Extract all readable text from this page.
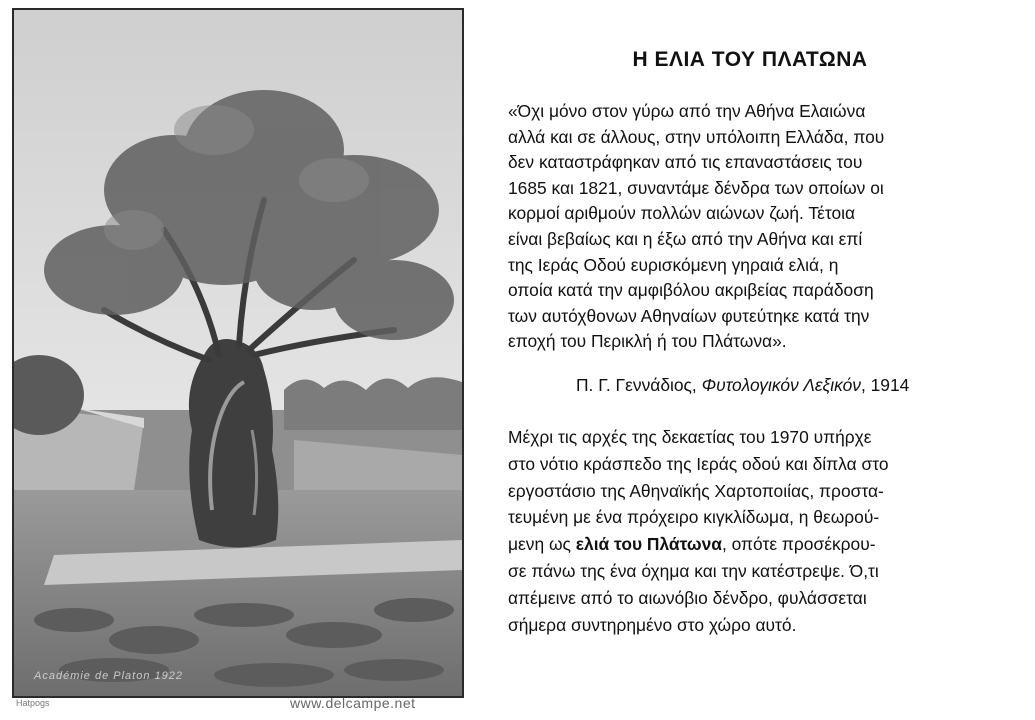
Académie de Platon 1922
Hatpogs	www.delcampe.net
Η ΕΛΙΑ ΤΟΥ ΠΛΑΤΩΝΑ
«Όχι μόνο στον γύρω από την Αθήνα Ελαιώνα
αλλά και σε άλλους, στην υπόλοιπη Ελλάδα, που
δεν καταστράφηκαν από τις επαναστάσεις του
1685 και 1821, συναντάμε δένδρα των οποίων οι
κορμοί αριθμούν πολλών αιώνων ζωή. Τέτοια
είναι βεβαίως και η έξω από την Αθήνα και επί
της Ιεράς Οδού ευρισκόμενη γηραιά ελιά, η
οποία κατά την αμφιβόλου ακριβείας παράδοση
των αυτόχθονων Αθηναίων φυτεύτηκε κατά την
εποχή του Περικλή ή του Πλάτωνα».
Π. Γ. Γεννάδιος, Φυτολογικόν Λεξικόν, 1914
Μέχρι τις αρχές της δεκαετίας του 1970 υπήρχε
στο νότιο κράσπεδο της Ιεράς οδού και δίπλα στο
εργοστάσιο της Αθηναϊκής Χαρτοποιίας, προστα-
τευμένη με ένα πρόχειρο κιγκλίδωμα, η θεωρού-
μενη ως ελιά του Πλάτωνα, οπότε προσέκρου-
σε πάνω της ένα όχημα και την κατέστρεψε. Ό,τι
απέμεινε από το αιωνόβιο δένδρο, φυλάσσεται
σήμερα συντηρημένο στο χώρο αυτό.
